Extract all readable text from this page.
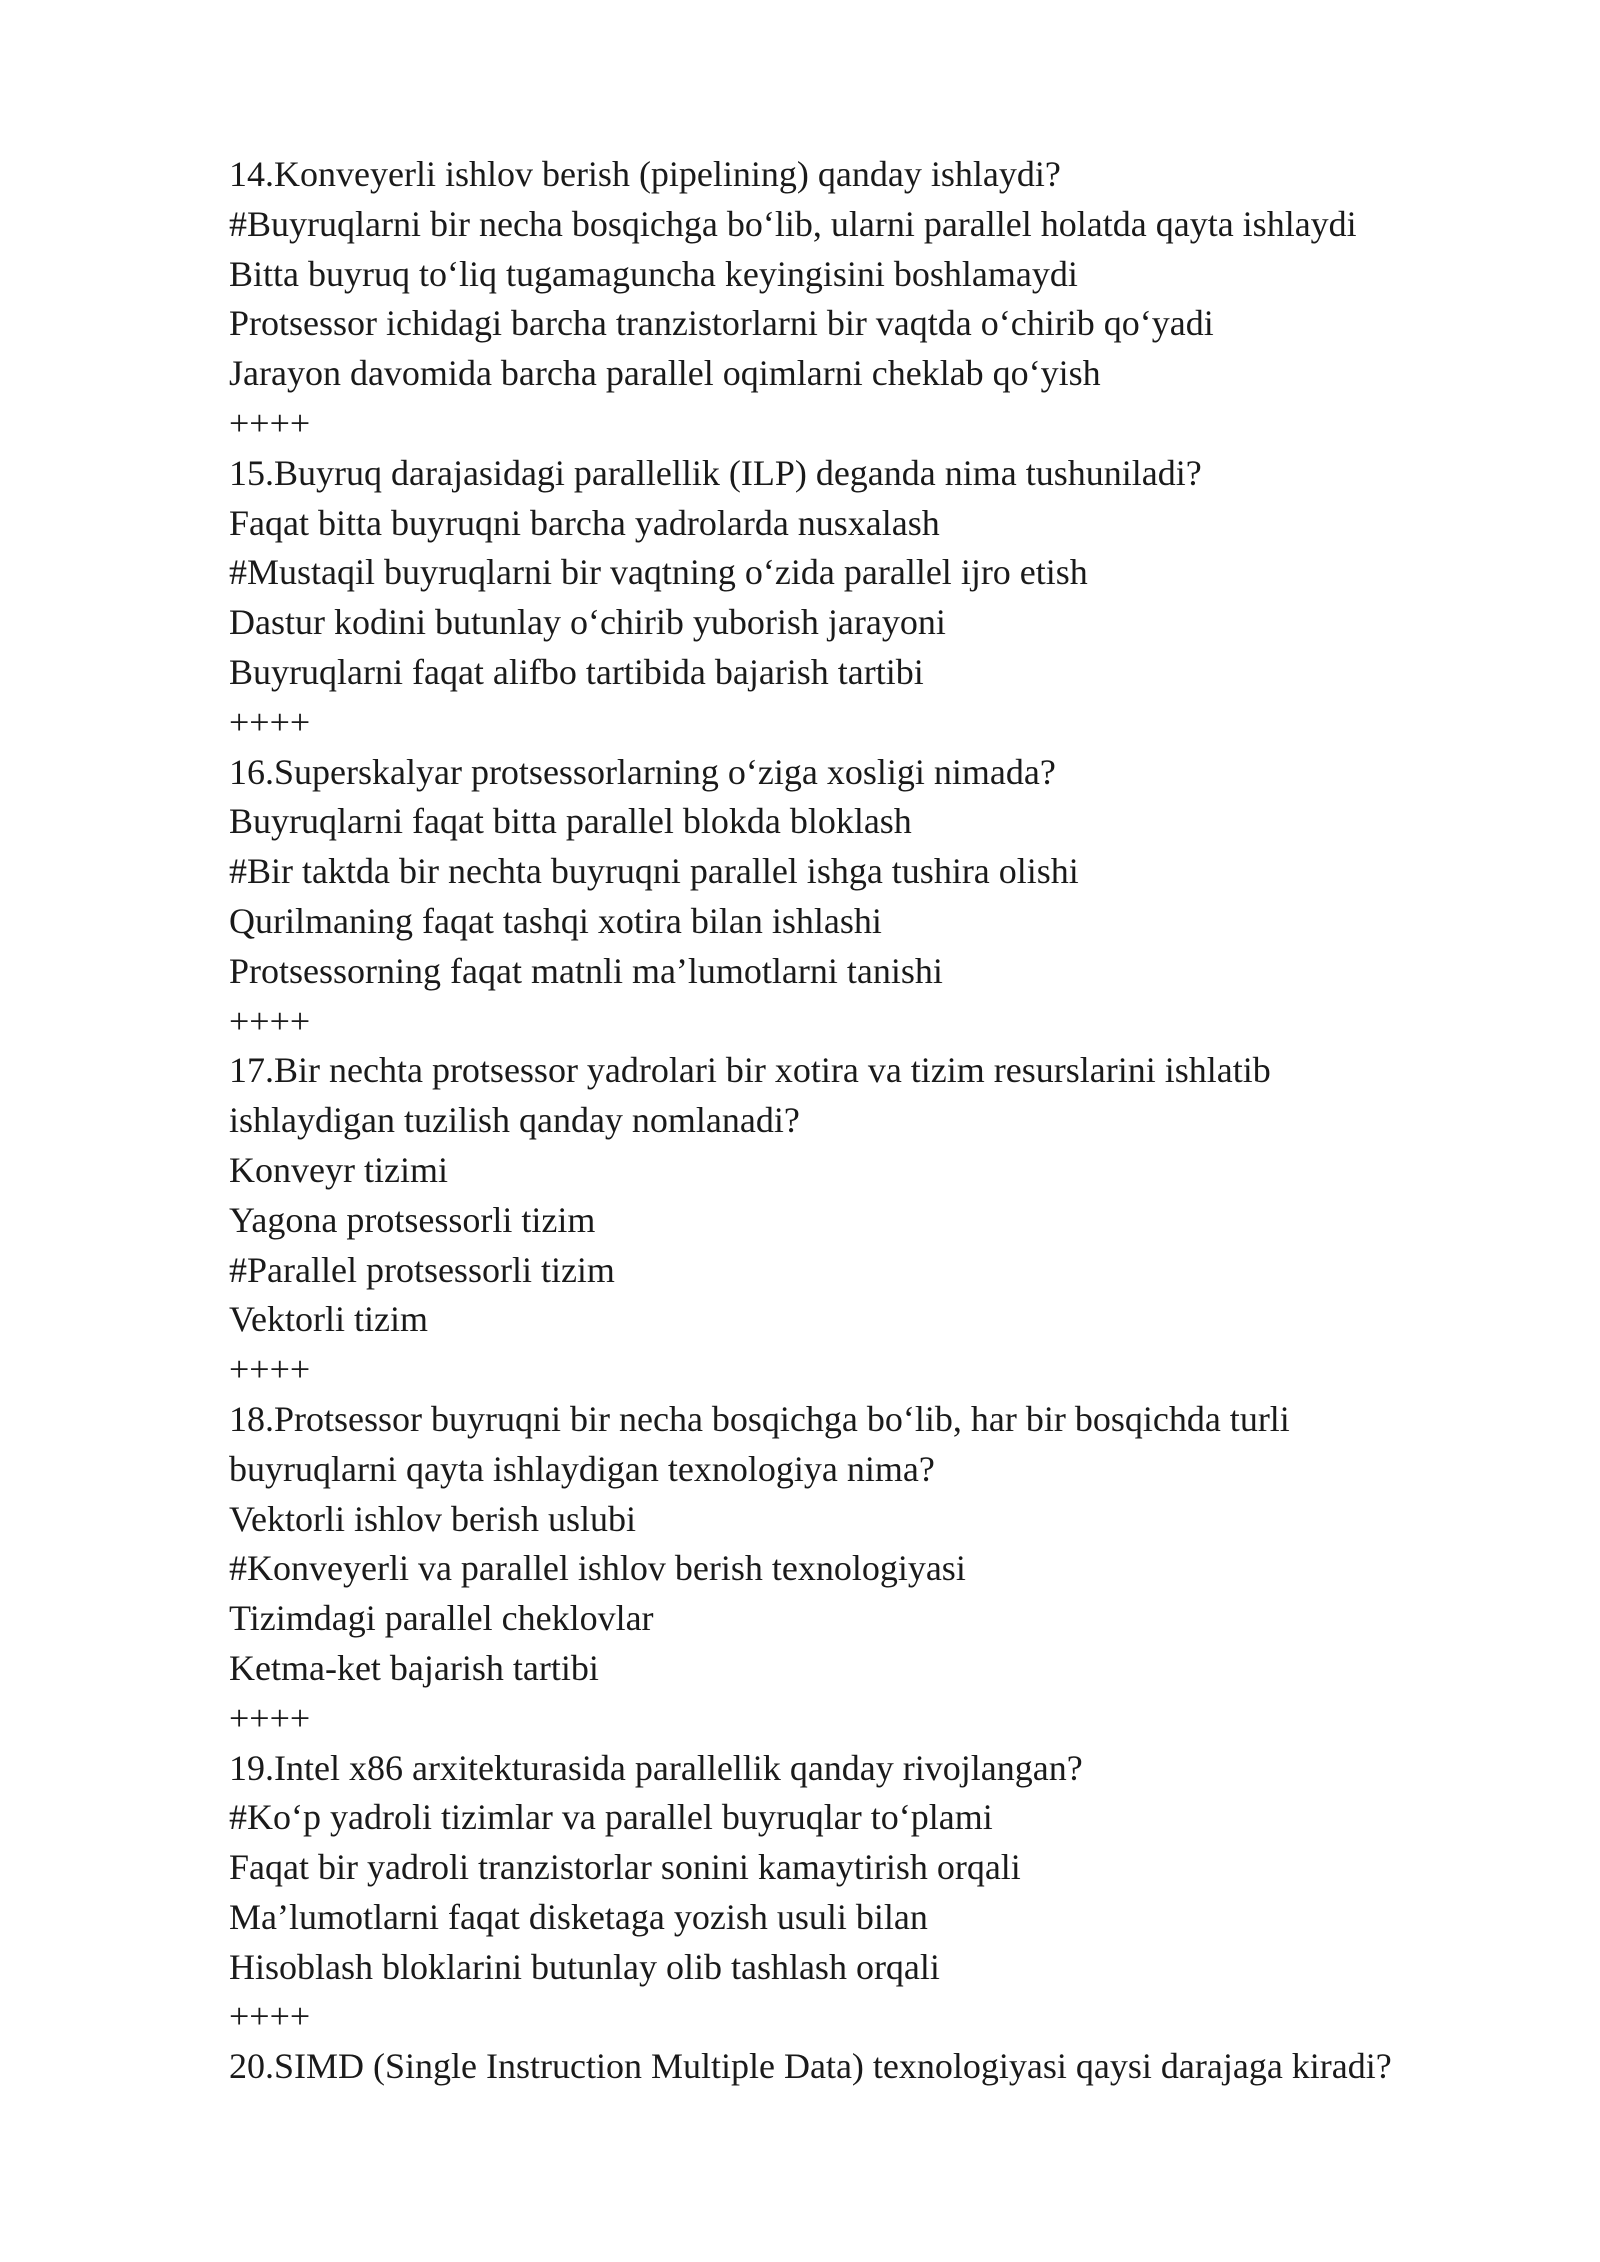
14.Konveyerli ishlov berish (pipelining) qanday ishlaydi?

#Buyruqlarni bir necha bosqichga bo‘lib, ularni parallel holatda qayta ishlaydi

Bitta buyruq to‘liq tugamaguncha keyingisini boshlamaydi

Protsessor ichidagi barcha tranzistorlarni bir vaqtda o‘chirib qo‘yadi

Jarayon davomida barcha parallel oqimlarni cheklab qo‘yish

++++

15.Buyruq darajasidagi parallellik (ILP) deganda nima tushuniladi?

Faqat bitta buyruqni barcha yadrolarda nusxalash

#Mustaqil buyruqlarni bir vaqtning o‘zida parallel ijro etish

Dastur kodini butunlay o‘chirib yuborish jarayoni

Buyruqlarni faqat alifbo tartibida bajarish tartibi

++++

16.Superskalyar protsessorlarning o‘ziga xosligi nimada?

Buyruqlarni faqat bitta parallel blokda bloklash

#Bir taktda bir nechta buyruqni parallel ishga tushira olishi

Qurilmaning faqat tashqi xotira bilan ishlashi

Protsessorning faqat matnli ma’lumotlarni tanishi

++++

17.Bir nechta protsessor yadrolari bir xotira va tizim resurslarini ishlatib

ishlaydigan tuzilish qanday nomlanadi?

Konveyr tizimi

Yagona protsessorli tizim

#Parallel protsessorli tizim

Vektorli tizim

++++

18.Protsessor buyruqni bir necha bosqichga bo‘lib, har bir bosqichda turli

buyruqlarni qayta ishlaydigan texnologiya nima?

Vektorli ishlov berish uslubi

#Konveyerli va parallel ishlov berish texnologiyasi

Tizimdagi parallel cheklovlar

Ketma-ket bajarish tartibi

++++

19.Intel x86 arxitekturasida parallellik qanday rivojlangan?

#Ko‘p yadroli tizimlar va parallel buyruqlar to‘plami

Faqat bir yadroli tranzistorlar sonini kamaytirish orqali

Ma’lumotlarni faqat disketaga yozish usuli bilan

Hisoblash bloklarini butunlay olib tashlash orqali

++++

20.SIMD (Single Instruction Multiple Data) texnologiyasi qaysi darajaga kiradi?
